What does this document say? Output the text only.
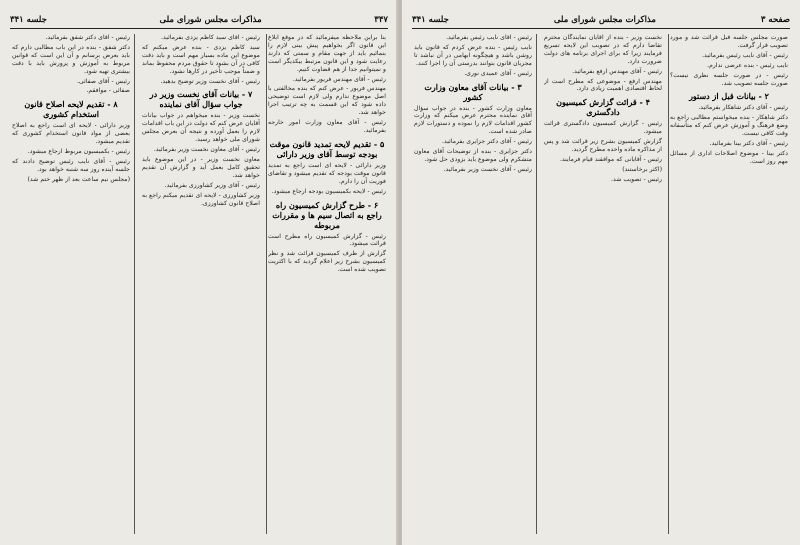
۳۴۷
مذاکرات مجلس شورای ملی
جلسه ۳۴۱

بنا براین ملاحظه میفرمائید که در موقع ابلاغ این قانون اگر بخواهیم پیش بینی لازم را بنمائیم باید از جهت مقام و سمتی که دارند رعایت شود و این قانون مرتبط بیکدیگر است و نمیتوانیم جدا از هم قضاوت کنیم.

رئیس - آقای مهندس فریور بفرمائید.

مهندس فریور - عرض کنم که بنده مخالفتی با اصل موضوع ندارم ولی لازم است توضیحی داده شود که این قسمت به چه ترتیب اجرا خواهد شد.

رئیس - آقای معاون وزارت امور خارجه بفرمائید.

۵ - تقدیم لایحه تمدید قانون موقت بودجه توسط آقای وزیر دارائی

وزیر دارائی - لایحه ای است راجع به تمدید قانون موقت بودجه که تقدیم میشود و تقاضای فوریت آن را دارم.

رئیس - لایحه بکمیسیون بودجه ارجاع میشود.

۶ - طرح گزارش کمیسیون راه راجع به اتصال سیم ها و مقررات مربوطه

رئیس - گزارش کمیسیون راه مطرح است قرائت میشود.

گزارش از طرف کمیسیون قرائت شد و نظر کمیسیون بشرح زیر اعلام گردید که با اکثریت تصویب شده است.

رئیس - آقای سید کاظم یزدی بفرمائید.

سید کاظم یزدی - بنده عرض میکنم که موضوع این ماده بسیار مهم است و باید دقت کافی در آن بشود تا حقوق مردم محفوظ بماند و ضمناً موجب تأخیر در کارها نشود.

رئیس - آقای نخست وزیر توضیح بدهید.

۷ - بیانات آقای نخست وزیر در جواب سؤال آقای نماینده

نخست وزیر - بنده میخواهم در جواب بیانات آقایان عرض کنم که دولت در این باب اقدامات لازم را بعمل آورده و نتیجه آن بعرض مجلس شورای ملی خواهد رسید.

رئیس - آقای معاون نخست وزیر بفرمائید.

معاون نخست وزیر - در این موضوع باید تحقیق کامل بعمل آید و گزارش آن تقدیم خواهد شد.

رئیس - آقای وزیر کشاورزی بفرمائید.

وزیر کشاورزی - لایحه ای تقدیم میکنم راجع به اصلاح قانون کشاورزی.

رئیس - آقای دکتر شفق بفرمائید.

دکتر شفق - بنده در این باب مطالبی دارم که باید بعرض برسانم و آن این است که قوانین مربوط به آموزش و پرورش باید با دقت بیشتری تهیه شود.

رئیس - آقای صفائی.

صفائی - موافقم.

۸ - تقدیم لایحه اصلاح قانون استخدام کشوری

وزیر دارائی - لایحه ای است راجع به اصلاح بعضی از مواد قانون استخدام کشوری که تقدیم میشود.

رئیس - بکمیسیون مربوط ارجاع میشود.

رئیس - آقای نایب رئیس توضیح دادند که جلسه آینده روز سه شنبه خواهد بود.

(مجلس نیم ساعت بعد از ظهر ختم شد)

صفحه ۳
مذاکرات مجلس شورای ملی
جلسه ۳۴۱

صورت مجلس جلسه قبل قرائت شد و مورد تصویب قرار گرفت.

رئیس - آقای نایب رئیس بفرمائید.

نایب رئیس - بنده عرضی ندارم.

رئیس - در صورت جلسه نظری نیست؟ صورت جلسه تصویب شد.

۲ - بیانات قبل از دستور

رئیس - آقای دکتر شاهکار بفرمائید.

دکتر شاهکار - بنده میخواستم مطالبی راجع به وضع فرهنگ و آموزش عرض کنم که متأسفانه وقت کافی نیست.

رئیس - آقای دکتر بینا بفرمائید.

دکتر بینا - موضوع اصلاحات اداری از مسائل مهم روز است.

نخست وزیر - بنده از آقایان نمایندگان محترم تقاضا دارم که در تصویب این لایحه تسریع فرمایند زیرا که برای اجرای برنامه های دولت ضرورت دارد.

رئیس - آقای مهندس ارفع بفرمائید.

مهندس ارفع - موضوعی که مطرح است از لحاظ اقتصادی اهمیت زیادی دارد.

۴ - قرائت گزارش کمیسیون دادگستری

رئیس - گزارش کمیسیون دادگستری قرائت میشود.

گزارش کمیسیون بشرح زیر قرائت شد و پس از مذاکره ماده واحده مطرح گردید.

رئیس - آقایانی که موافقند قیام فرمایند.

(اکثر برخاستند)

رئیس - تصویب شد.

رئیس - آقای نایب رئیس بفرمائید.

نایب رئیس - بنده عرض کردم که قانون باید روشن باشد و هیچگونه ابهامی در آن نباشد تا مجریان قانون بتوانند بدرستی آن را اجرا کنند.

رئیس - آقای عمیدی نوری.

۳ - بیانات آقای معاون وزارت کشور

معاون وزارت کشور - بنده در جواب سؤال آقای نماینده محترم عرض میکنم که وزارت کشور اقدامات لازم را نموده و دستورات لازم صادر شده است.

رئیس - آقای دکتر جزایری بفرمائید.

دکتر جزایری - بنده از توضیحات آقای معاون متشکرم ولی موضوع باید بزودی حل شود.

رئیس - آقای نخست وزیر بفرمائید.
